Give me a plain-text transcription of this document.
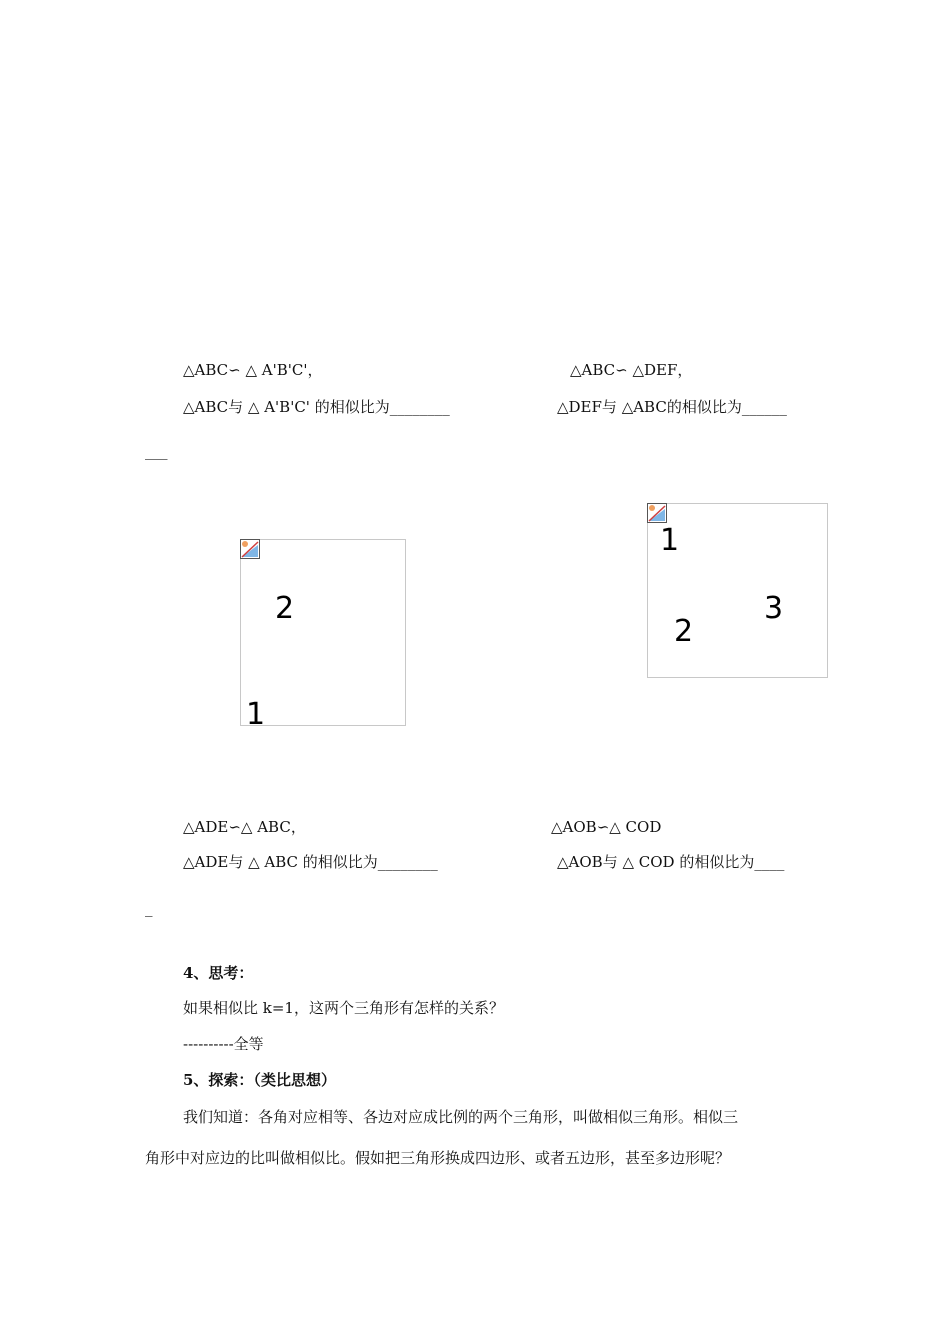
△ABC∽ △ A'B'C'，	△ABC∽ △DEF，
△ABC与 △ A'B'C' 的相似比为________	△DEF与 △ABC的相似比为______
___
2
1
1
3
2
△ADE∽△ ABC，	△AOB∽△ COD
△ADE与 △ ABC 的相似比为________	△AOB与 △ COD 的相似比为____
_
4、思考：
如果相似比 k=1，这两个三角形有怎样的关系？
----------全等
5、探索：（类比思想）
我们知道：各角对应相等、各边对应成比例的两个三角形，叫做相似三角形。相似三
角形中对应边的比叫做相似比。假如把三角形换成四边形、或者五边形，甚至多边形呢？
